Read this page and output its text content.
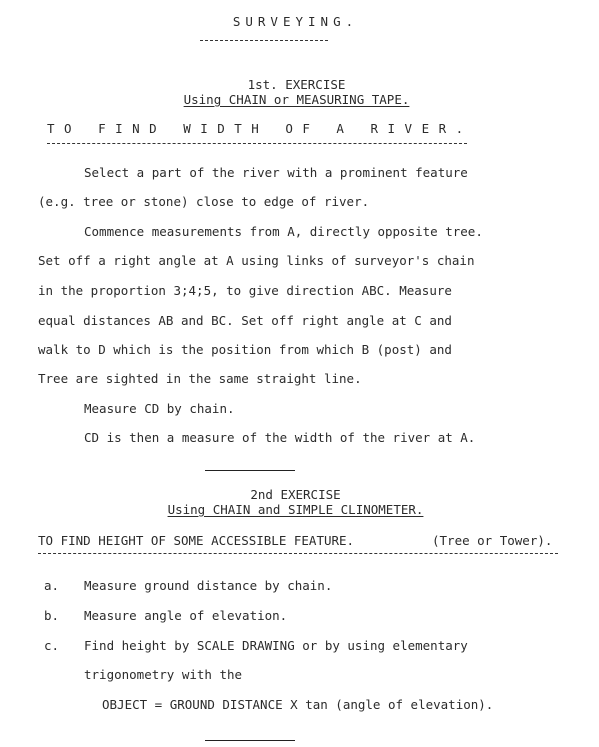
SURVEYING.
1st. EXERCISE
Using CHAIN or MEASURING TAPE.
TO FIND WIDTH OF A RIVER.
Select a part of the river with a prominent feature
(e.g. tree or stone) close to edge of river.
Commence measurements from A, directly opposite tree.
Set off a right angle at A using links of surveyor's chain
in the proportion 3;4;5, to give direction ABC. Measure
equal distances AB and BC. Set off right angle at C and
walk to D which is the position from which B (post) and
Tree are sighted in the same straight line.
Measure CD by chain.
CD is then a measure of the width of the river at A.
2nd EXERCISE
Using CHAIN and SIMPLE CLINOMETER.
TO FIND HEIGHT OF SOME ACCESSIBLE FEATURE.	(Tree or Tower).
a. Measure ground distance by chain.
b. Measure angle of elevation.
c. Find height by SCALE DRAWING or by using elementary
trigonometry with the
OBJECT = GROUND DISTANCE X tan (angle of elevation).
